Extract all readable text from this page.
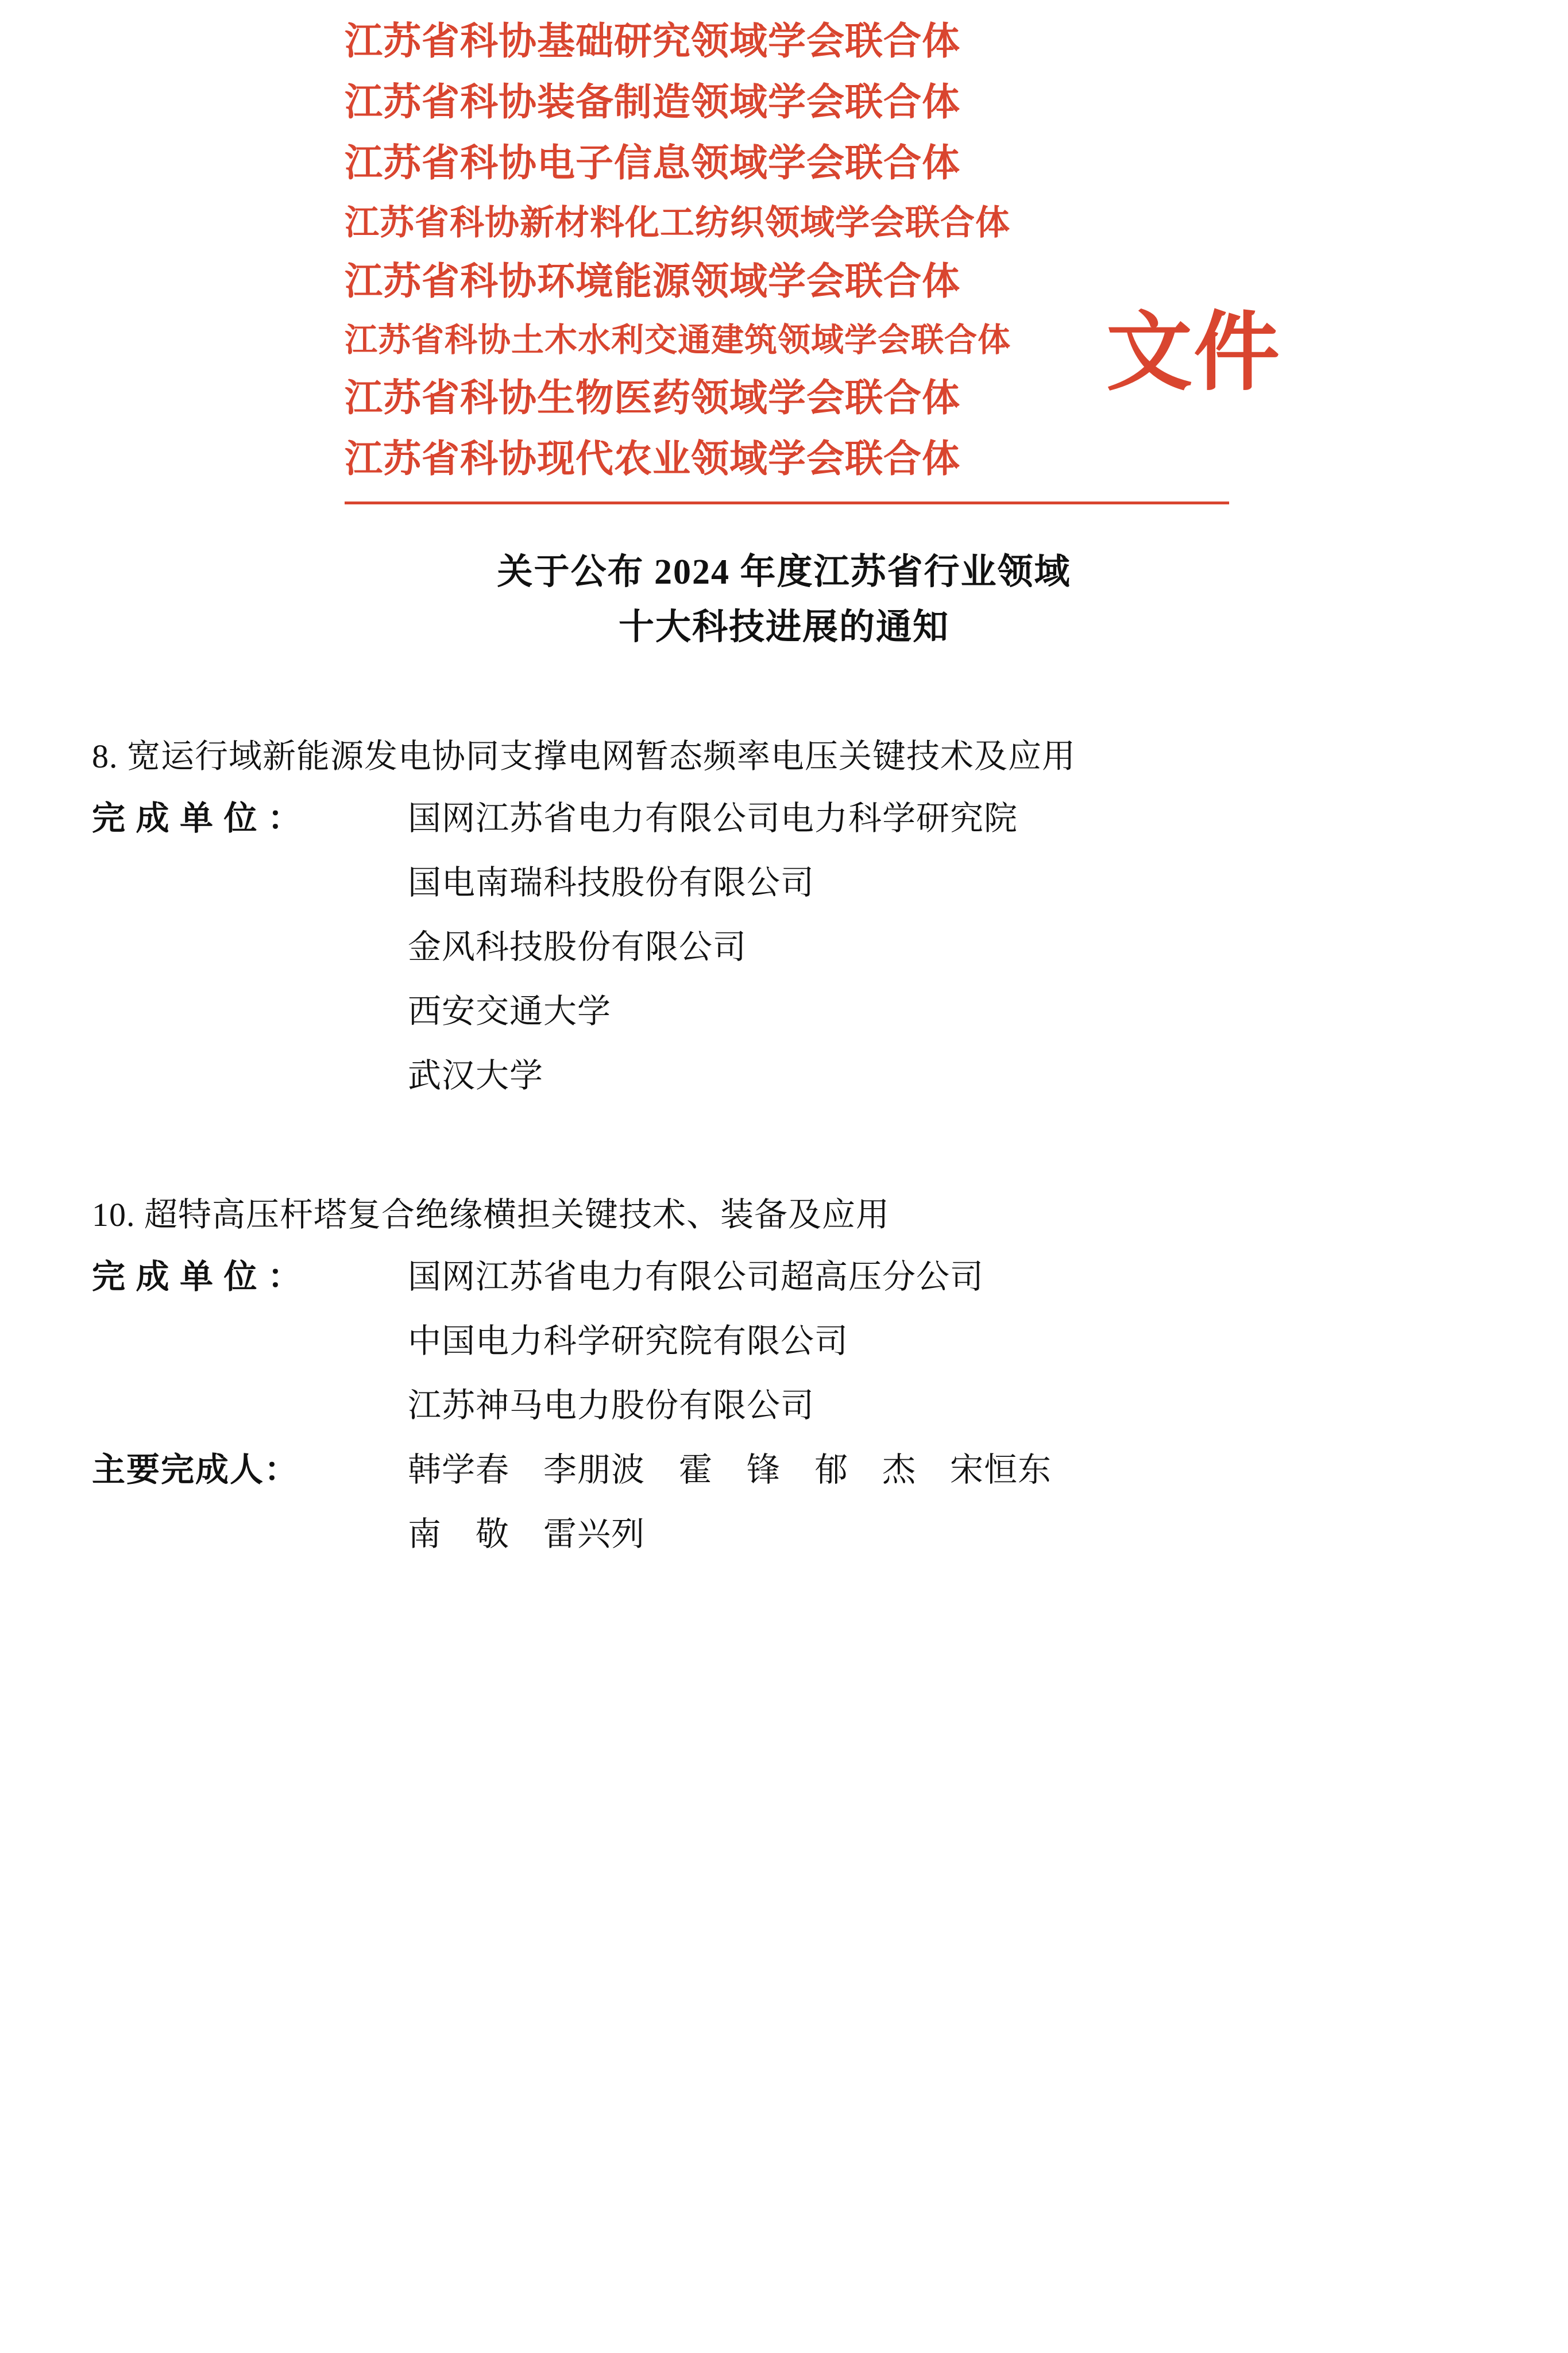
江苏省科协基础研究领域学会联合体
江苏省科协装备制造领域学会联合体
江苏省科协电子信息领域学会联合体
江苏省科协新材料化工纺织领域学会联合体
江苏省科协环境能源领域学会联合体
江苏省科协土木水利交通建筑领域学会联合体
江苏省科协生物医药领域学会联合体
江苏省科协现代农业领域学会联合体
文件
关于公布 2024 年度江苏省行业领域
十大科技进展的通知
8. 宽运行域新能源发电协同支撑电网暂态频率电压关键技术及应用
完 成 单 位 ：	国网江苏省电力有限公司电力科学研究院
国电南瑞科技股份有限公司
金风科技股份有限公司
西安交通大学
武汉大学
10. 超特高压杆塔复合绝缘横担关键技术、装备及应用
完 成 单 位 ：	国网江苏省电力有限公司超高压分公司
中国电力科学研究院有限公司
江苏神马电力股份有限公司
主要完成人：	韩学春　李朋波　霍　锋　郁　杰　宋恒东
南　敬　雷兴列
